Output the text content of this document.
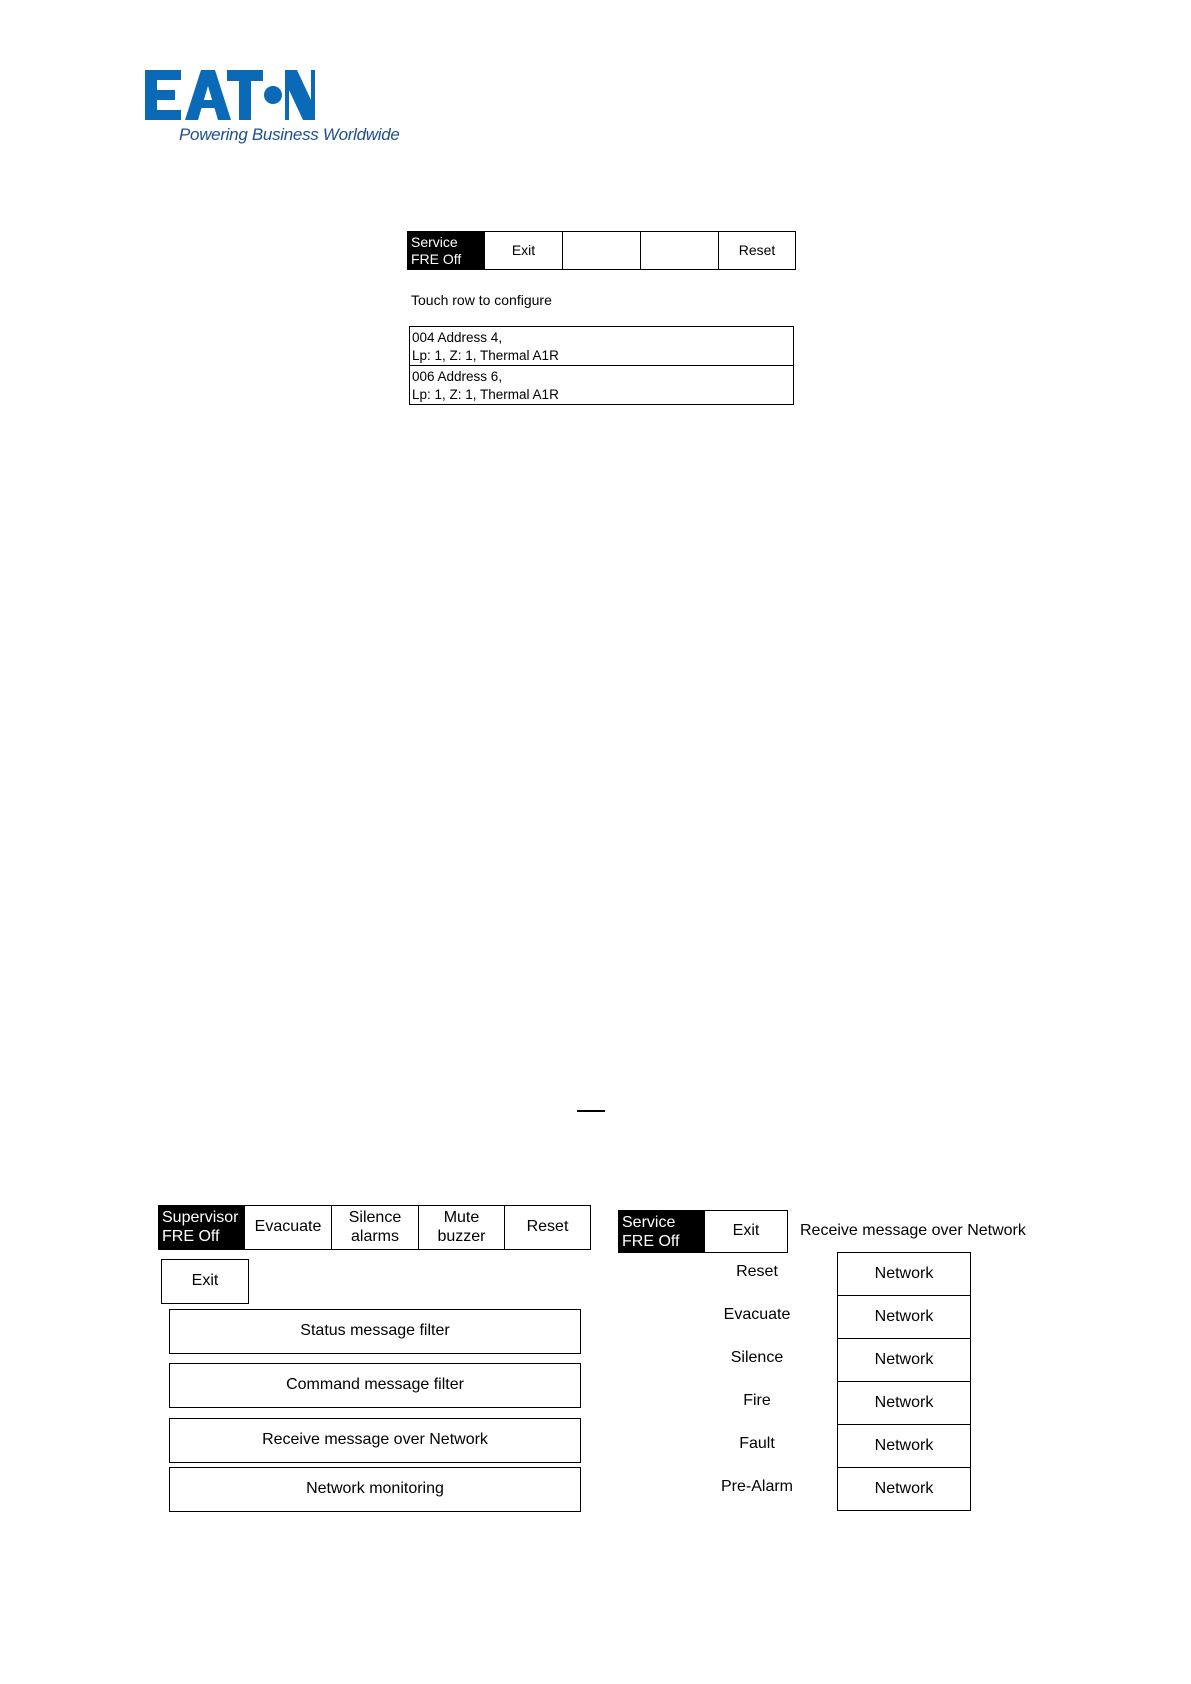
Powering Business Worldwide
Service
FRE Off
Exit	Reset
Touch row to configure
004 Address 4,
Lp: 1, Z: 1, Thermal A1R
006 Address 6,
Lp: 1, Z: 1, Thermal A1R
Supervisor
FRE Off
Evacuate
Silence
alarms
Mute
buzzer
Reset
Exit
Status message filter
Command message filter
Receive message over Network
Network monitoring
Service
FRE Off
Exit	Receive message over Network
Reset	Network
Evacuate	Network
Silence	Network
Fire	Network
Fault	Network
Pre-Alarm	Network
